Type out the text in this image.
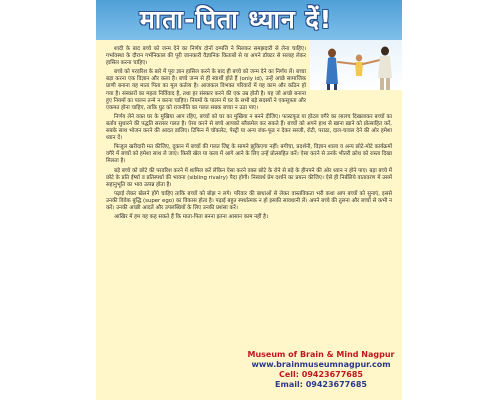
माता-पिता ध्यान दें!

शादी के बाद बच्चे को जन्म देने का निर्णय दोनों दम्पत्ति ने मिलकर समझदारी से लेना चाहिए। गर्भावस्था के दौरान गर्भनिकाल की पूरी जानकारी वैज्ञानिक किताबों से या अपने डॉक्टर से सलाह लेकर हासिल करना चाहिए।

बच्चे को परवरिश के बारे में पूरा ज्ञान हासिल करने के बाद ही बच्चे को जन्म देने का निर्णय लें। बच्चा बड़ा करना एक विज्ञान और कला है। बच्चे जन्म से ही स्वार्थी होते हैं (only id), उन्हें अच्छे सामाजिक प्राणी बनाना यह माता पिता का मूल कर्तव्य है। आजकल विभक्त परिवारों में यह काम और कठिन हो गया है। संस्कारों का महत्व निर्विवाद है, तथा हर संस्कार करने की एक उम्र होती है। यह जो अच्छे बनाना हुए नियमों का पालन तन्मे न करना चाहिए। नियमों के पालन में घर के सभी बड़े सदस्यों ने एकसूत्रता और एकमत होना चाहिए, ताकि घुट को राजनीति का गलत सबक बच्चा न उठा पाए।

निर्णय लेने वक्त घर के मुखिया आप रहिए, बच्चों को घर का मुखिया न बनने दीजिए। फास्टफूड या होटल वगैरे का लालच दिखलाकर बच्चों का बर्ताव सुधारने की पद्धति सरासर गलत है। ऐसा करने से बच्चे आपको ब्लैकमेल कर सकते हैं। बच्चों को अपने हाथ से खाना खाने को प्रोत्साहित करें, सबके साथ भोजन करने की आदत डालिए। टिफिन में चॉकलेट, पेस्ट्री या अन्य जंक-फूड न देकर सब्जी, रोटी, पराठा, दाल-चावल देने की ओर हमेशा ध्यान दें।

फिजूल खरीदारी मत कीजिए, दुकान में बच्चों की गलत जिद्द के सामने झुकिएगा नहीं। बगीचा, प्रदर्शनी, विज्ञान शाला व अन्य छोटे-मोटे कार्यक्रमों वगैरे में बच्चों को हमेशा साथ ले जाएं। किसी खेल या कला में आगे आने के लिए उन्हें प्रोत्साहित करें। ऐसा करने से उनके भीतरी क्रोध को रास्ता दिखा मिलता है।

बड़े बच्चे को छोटे की परवरिश करने में शामिल करें लेकिन ऐसा करने वक्त छोटे के रोने से बड़े के हीनपने की ओर ध्यान न होने पाए। बड़ा बच्चे में छोटे के प्रति ईर्ष्या व प्रतिस्पर्धा की भावना (sibling rivalry) पैदा होगी। निस्वार्थ प्रेम दर्शाने का प्रयत्न कीजिए। ऐसे ही निर्बलिये वातावरण में उसमें सहानुभूति का भाव उत्पन्न होता है।

पढ़ाई लेकर खेलने होंगे चाहिए ताकि बच्चों को बोझ न लगे। परिवार की बाधाओं से लेकर वास्तविकता भरी कथा आप बच्चों को सुनाएं, इससे उनकी विवेक बुद्धि (super ego) का विकास होता है। पढ़ाई बहुत स्पर्धात्मक न हो इसकी सावधानी लें। अपने बच्चे की तुलना और बच्चों से कभी न करें। उनकी अच्छी आदतें और उपलब्धियों के लिए उनकी प्रशंसा करें।

आखिर में हम यह कह सकते हैं कि माता-पिता बनना इतना आसान काम नहीं है।

Museum of Brain & Mind Nagpur
www.brainmuseumnagpur.com
Cell: 09423677685
Email: 09423677685
